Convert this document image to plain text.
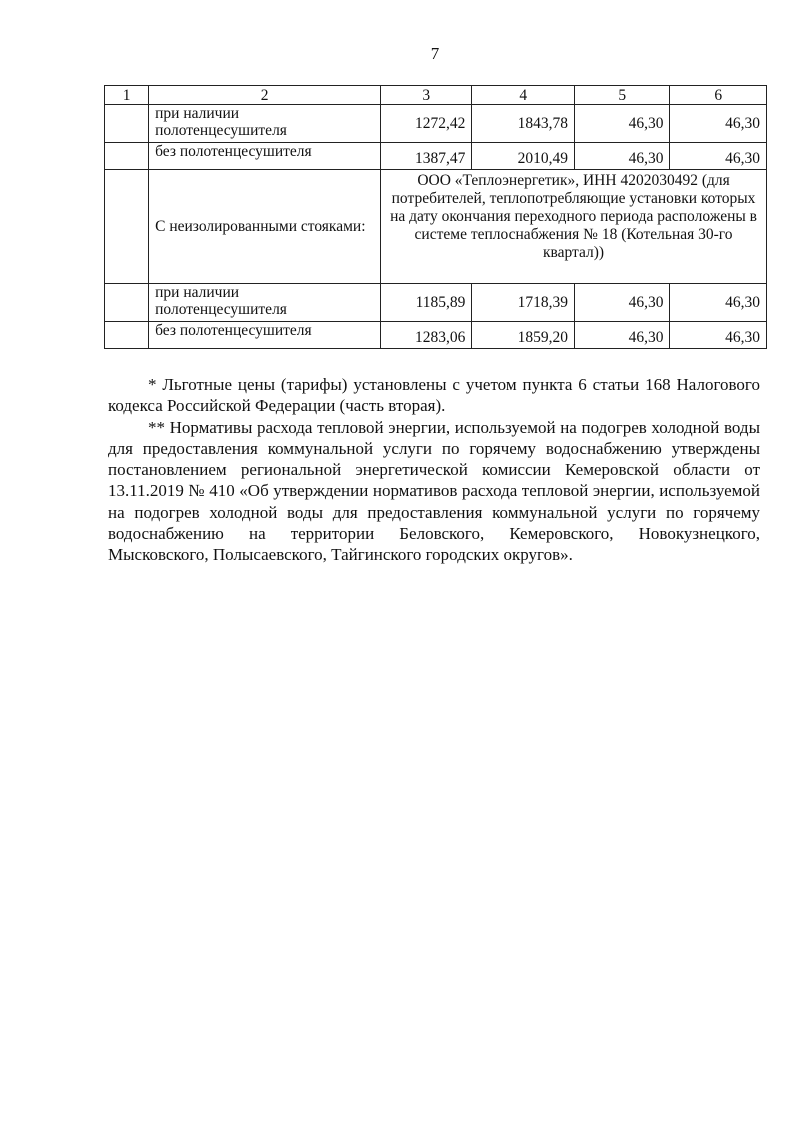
7
1	2	3	4	5	6
	при наличии полотенцесушителя	1272,42	1843,78	46,30	46,30
	без полотенцесушителя	1387,47	2010,49	46,30	46,30
	С неизолированными стояками:	ООО «Теплоэнергетик», ИНН 4202030492 (для потребителей, теплопотребляющие установки которых на дату окончания переходного периода расположены в системе теплоснабжения № 18 (Котельная 30-го квартал))			
	при наличии полотенцесушителя	1185,89	1718,39	46,30	46,30
	без полотенцесушителя	1283,06	1859,20	46,30	46,30

* Льготные цены (тарифы) установлены с учетом пункта 6 статьи 168 Налогового кодекса Российской Федерации (часть вторая).

** Нормативы расхода тепловой энергии, используемой на подогрев холодной воды для предоставления коммунальной услуги по горячему водоснабжению утверждены постановлением региональной энергетической комиссии Кемеровской области от 13.11.2019 № 410 «Об утверждении нормативов расхода тепловой энергии, используемой на подогрев холодной воды для предоставления коммунальной услуги по горячему водоснабжению на территории Беловского, Кемеровского, Новокузнецкого, Мысковского, Полысаевского, Тайгинского городских округов».
